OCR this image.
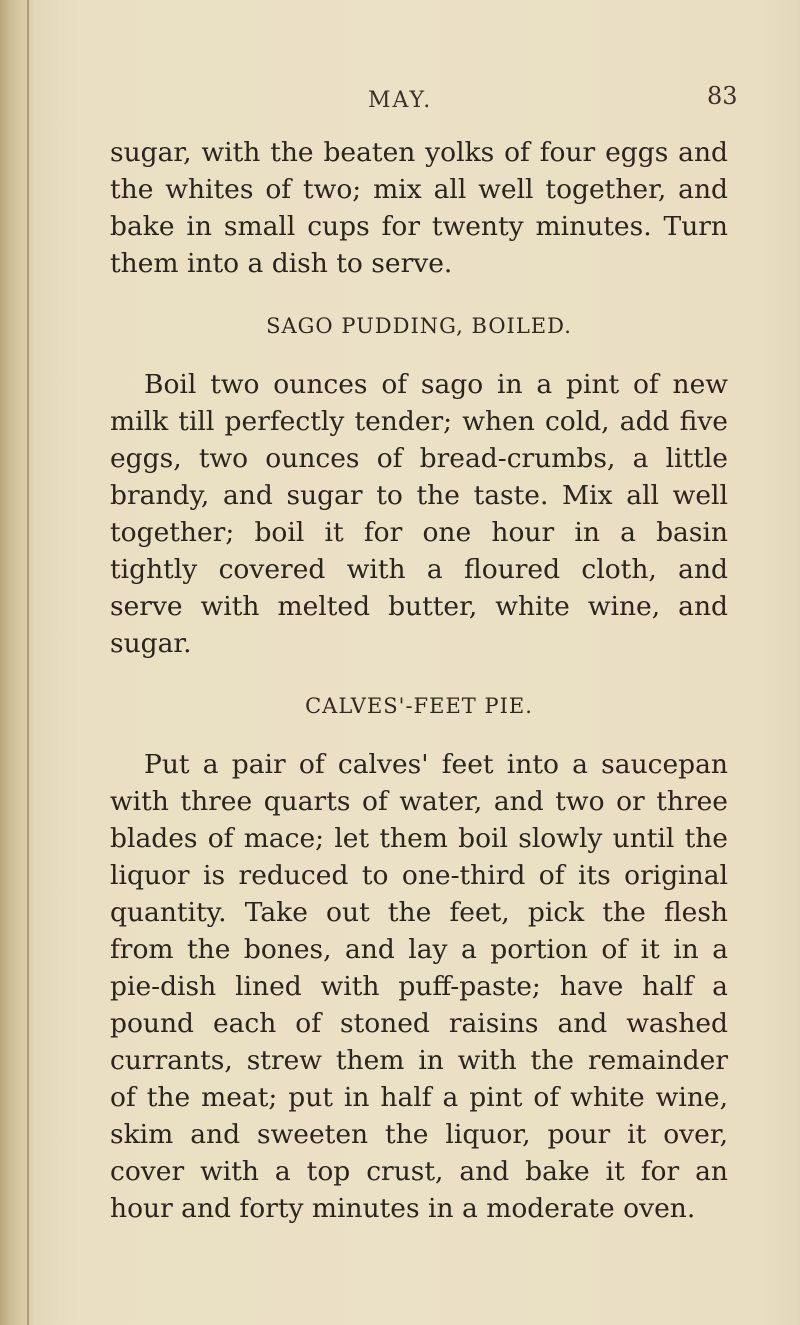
MAY.	83

sugar, with the beaten yolks of four eggs and the whites of two; mix all well together, and bake in small cups for twenty minutes. Turn them into a dish to serve.

SAGO PUDDING, BOILED.

Boil two ounces of sago in a pint of new milk till perfectly tender; when cold, add five eggs, two ounces of bread-crumbs, a little brandy, and sugar to the taste. Mix all well together; boil it for one hour in a basin tightly covered with a floured cloth, and serve with melted butter, white wine, and sugar.

CALVES'-FEET PIE.

Put a pair of calves' feet into a saucepan with three quarts of water, and two or three blades of mace; let them boil slowly until the liquor is reduced to one-third of its original quantity. Take out the feet, pick the flesh from the bones, and lay a portion of it in a pie-dish lined with puff-paste; have half a pound each of stoned raisins and washed currants, strew them in with the remainder of the meat; put in half a pint of white wine, skim and sweeten the liquor, pour it over, cover with a top crust, and bake it for an hour and forty minutes in a moderate oven.
